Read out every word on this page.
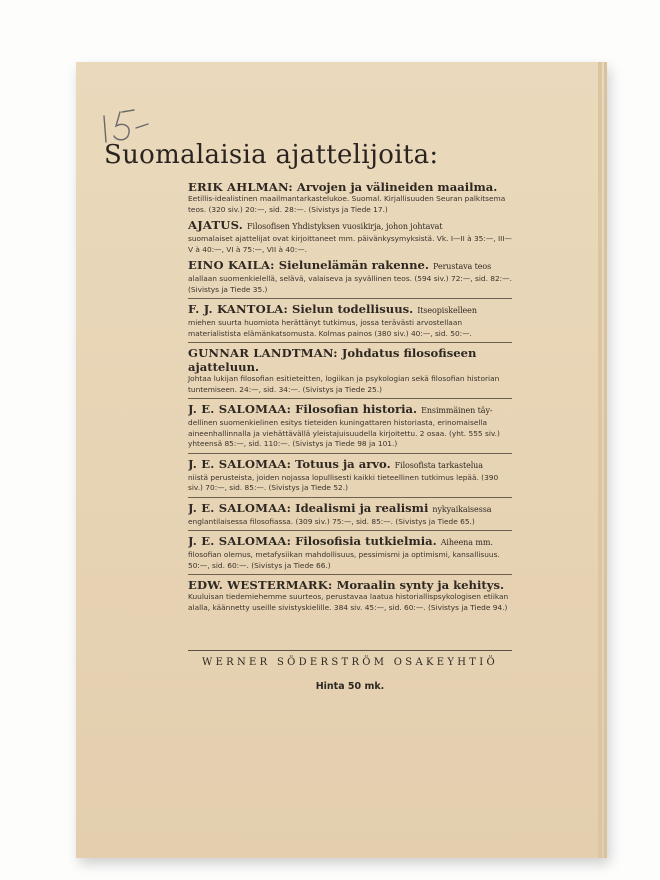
Suomalaisia ajattelijoita:
ERIK AHLMAN: Arvojen ja välineiden maailma.
Eetillis-idealistinen maailmantarkastelukoe. Suomal. Kirjallisuuden Seuran palkitsema teos. (320 siv.) 20:—, sid. 28:—. (Sivistys ja Tiede 17.)
AJATUS. Filosofisen Yhdistyksen vuosikirja, johon johtavat
suomalaiset ajattelijat ovat kirjoittaneet mm. päivänkysymyksistä. Vk. I—II à 35:—, III—V à 40:—, VI à 75:—, VII à 40:—.
EINO KAILA: Sielunelämän rakenne. Perustava teos
alallaan suomenkielellä, selävä, valaiseva ja syvällinen teos. (594 siv.) 72:—, sid. 82:—. (Sivistys ja Tiede 35.)
F. J. KANTOLA: Sielun todellisuus. Itseopiskelleen
miehen suurta huomiota herättänyt tutkimus, jossa terävästi arvostellaan materialistista elämänkatsomusta. Kolmas painos (380 siv.) 40:—, sid. 50:—.
GUNNAR LANDTMAN: Johdatus filosofiseen ajatteluun.
Johtaa lukijan filosofian esitieteitten, logiikan ja psykologian sekä filosofian historian tuntemiseen. 24:—, sid. 34:—. (Sivistys ja Tiede 25.)
J. E. SALOMAA: Filosofian historia. Ensimmäinen täy-
dellinen suomenkielinen esitys tieteiden kuningattaren historiasta, erinomaisella aineenhallinnalla ja viehättävällä yleistajuisuudella kirjoitettu. 2 osaa. (yht. 555 siv.) yhteensä 85:—, sid. 110:—. (Sivistys ja Tiede 98 ja 101.)
J. E. SALOMAA: Totuus ja arvo. Filosofista tarkastelua
niistä perusteista, joiden nojassa lopullisesti kaikki tieteellinen tutkimus lepää. (390 siv.) 70:—, sid. 85:—. (Sivistys ja Tiede 52.)
J. E. SALOMAA: Idealismi ja realismi nykyaikaisessa
englantilaisessa filosofiassa. (309 siv.) 75:—, sid. 85:—. (Sivistys ja Tiede 65.)
J. E. SALOMAA: Filosofisia tutkielmia. Aiheena mm.
filosofian olemus, metafysiikan mahdollisuus, pessimismi ja optimismi, kansallisuus. 50:—, sid. 60:—. (Sivistys ja Tiede 66.)
EDW. WESTERMARK: Moraalin synty ja kehitys.
Kuuluisan tiedemiehemme suurteos, perustavaa laatua historiallispsykologisen etiikan alalla, käännetty useille sivistyskielille. 384 siv. 45:—, sid. 60:—. (Sivistys ja Tiede 94.)
WERNER SÖDERSTRÖM OSAKEYHTIÖ
Hinta 50 mk.
